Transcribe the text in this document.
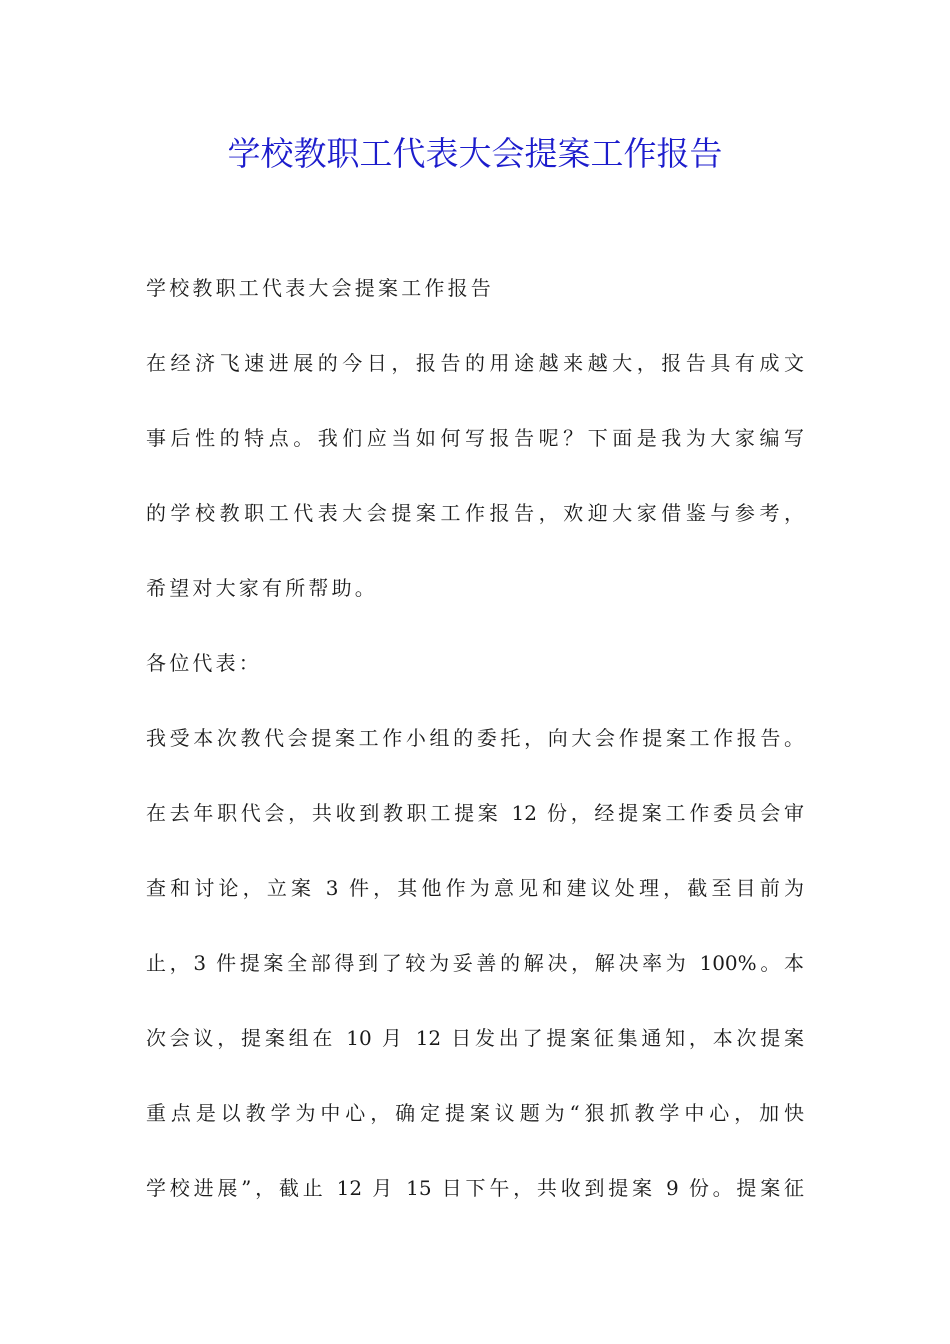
学校教职工代表大会提案工作报告
学校教职工代表大会提案工作报告
在经济飞速进展的今日，报告的用途越来越大，报告具有成文
事后性的特点。我们应当如何写报告呢？下面是我为大家编写
的学校教职工代表大会提案工作报告，欢迎大家借鉴与参考，
希望对大家有所帮助。
各位代表：
我受本次教代会提案工作小组的委托，向大会作提案工作报告。
在去年职代会，共收到教职工提案 12 份，经提案工作委员会审
查和讨论，立案 3 件，其他作为意见和建议处理，截至目前为
止，3 件提案全部得到了较为妥善的解决，解决率为 100%。本
次会议，提案组在 10 月 12 日发出了提案征集通知，本次提案
重点是以教学为中心，确定提案议题为“狠抓教学中心，加快
学校进展”，截止 12 月 15 日下午，共收到提案 9 份。提案征
